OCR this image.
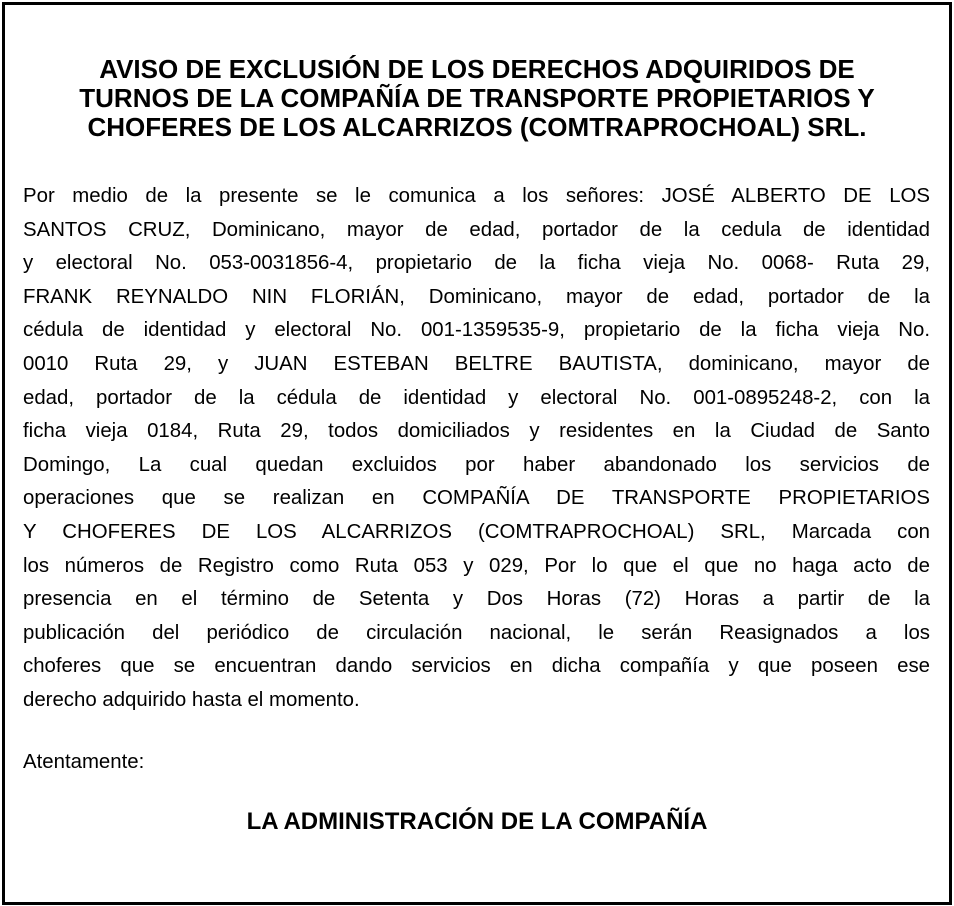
AVISO DE EXCLUSIÓN DE LOS DERECHOS ADQUIRIDOS DE
TURNOS DE LA COMPAÑÍA DE TRANSPORTE PROPIETARIOS Y
CHOFERES DE LOS ALCARRIZOS (COMTRAPROCHOAL) SRL.
Por medio de la presente se le comunica a los señores: JOSÉ ALBERTO DE LOS
SANTOS CRUZ, Dominicano, mayor de edad, portador de la cedula de identidad
y electoral No. 053-0031856-4, propietario de la ficha vieja No. 0068- Ruta 29,
FRANK REYNALDO NIN FLORIÁN, Dominicano, mayor de edad, portador de la
cédula de identidad y electoral No. 001-1359535-9, propietario de la ficha vieja No.
0010 Ruta 29, y JUAN ESTEBAN BELTRE BAUTISTA, dominicano, mayor de
edad, portador de la cédula de identidad y electoral No. 001-0895248-2, con la
ficha vieja 0184, Ruta 29, todos domiciliados y residentes en la Ciudad de Santo
Domingo, La cual quedan excluidos por haber abandonado los servicios de
operaciones que se realizan en COMPAÑÍA DE TRANSPORTE PROPIETARIOS
Y CHOFERES DE LOS ALCARRIZOS (COMTRAPROCHOAL) SRL, Marcada con
los números de Registro como Ruta 053 y 029, Por lo que el que no haga acto de
presencia en el término de Setenta y Dos Horas (72) Horas a partir de la
publicación del periódico de circulación nacional, le serán Reasignados a los
choferes que se encuentran dando servicios en dicha compañía y que poseen ese
derecho adquirido hasta el momento.

Atentamente:

LA ADMINISTRACIÓN DE LA COMPAÑÍA
